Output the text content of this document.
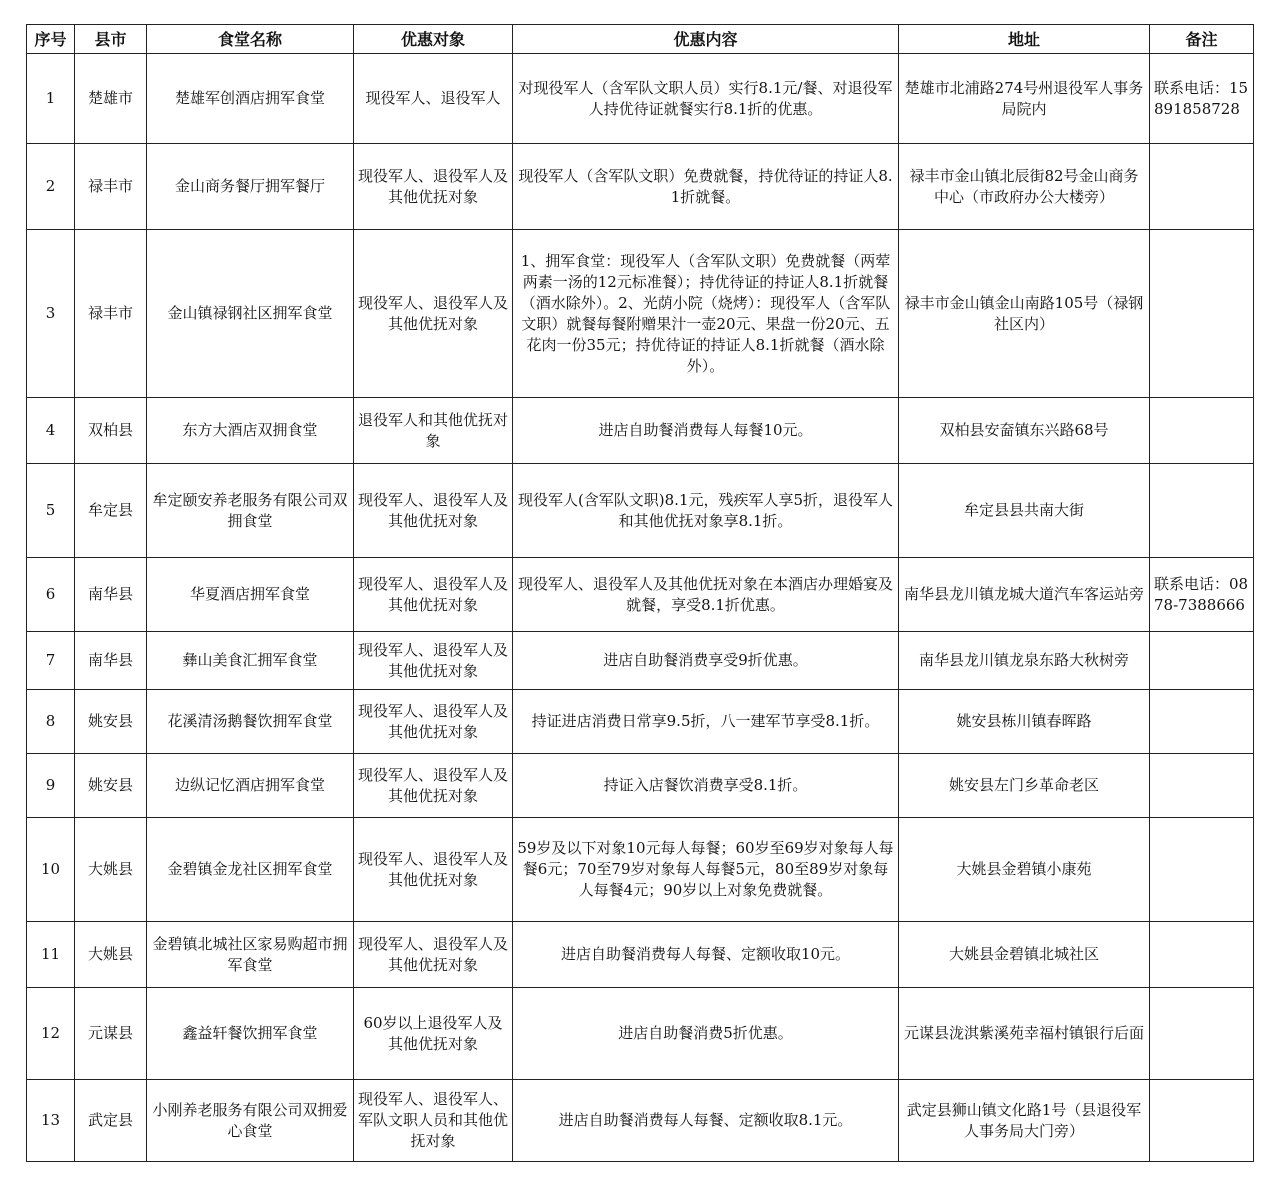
序号	县市	食堂名称	优惠对象	优惠内容	地址	备注
1	楚雄市	楚雄军创酒店拥军食堂	现役军人、退役军人	对现役军人（含军队文职人员）实行8.1元/餐、对退役军人持优待证就餐实行8.1折的优惠。	楚雄市北浦路274号州退役军人事务局院内	联系电话：15891858728
2	禄丰市	金山商务餐厅拥军餐厅	现役军人、退役军人及其他优抚对象	现役军人（含军队文职）免费就餐，持优待证的持证人8.1折就餐。	禄丰市金山镇北辰街82号金山商务中心（市政府办公大楼旁）	
3	禄丰市	金山镇禄钢社区拥军食堂	现役军人、退役军人及其他优抚对象	1、拥军食堂：现役军人（含军队文职）免费就餐（两荤两素一汤的12元标准餐）；持优待证的持证人8.1折就餐（酒水除外）。2、光荫小院（烧烤）：现役军人（含军队文职）就餐每餐附赠果汁一壶20元、果盘一份20元、五花肉一份35元；持优待证的持证人8.1折就餐（酒水除外）。	禄丰市金山镇金山南路105号（禄钢社区内）	
4	双柏县	东方大酒店双拥食堂	退役军人和其他优抚对象	进店自助餐消费每人每餐10元。	双柏县安奤镇东兴路68号	
5	牟定县	牟定颐安养老服务有限公司双拥食堂	现役军人、退役军人及其他优抚对象	现役军人(含军队文职)8.1元，残疾军人享5折，退役军人和其他优抚对象享8.1折。	牟定县县共南大街	
6	南华县	华夏酒店拥军食堂	现役军人、退役军人及其他优抚对象	现役军人、退役军人及其他优抚对象在本酒店办理婚宴及就餐，享受8.1折优惠。	南华县龙川镇龙城大道汽车客运站旁	联系电话：0878-7388666
7	南华县	彝山美食汇拥军食堂	现役军人、退役军人及其他优抚对象	进店自助餐消费享受9折优惠。	南华县龙川镇龙泉东路大秋树旁	
8	姚安县	花溪清汤鹅餐饮拥军食堂	现役军人、退役军人及其他优抚对象	持证进店消费日常享9.5折，八一建军节享受8.1折。	姚安县栋川镇春晖路	
9	姚安县	边纵记忆酒店拥军食堂	现役军人、退役军人及其他优抚对象	持证入店餐饮消费享受8.1折。	姚安县左门乡革命老区	
10	大姚县	金碧镇金龙社区拥军食堂	现役军人、退役军人及其他优抚对象	59岁及以下对象10元每人每餐；60岁至69岁对象每人每餐6元；70至79岁对象每人每餐5元，80至89岁对象每人每餐4元；90岁以上对象免费就餐。	大姚县金碧镇小康苑	
11	大姚县	金碧镇北城社区家易购超市拥军食堂	现役军人、退役军人及其他优抚对象	进店自助餐消费每人每餐、定额收取10元。	大姚县金碧镇北城社区	
12	元谋县	鑫益轩餐饮拥军食堂	60岁以上退役军人及其他优抚对象	进店自助餐消费5折优惠。	元谋县泷淇紫溪苑幸福村镇银行后面	
13	武定县	小刚养老服务有限公司双拥爱心食堂	现役军人、退役军人、军队文职人员和其他优抚对象	进店自助餐消费每人每餐、定额收取8.1元。	武定县狮山镇文化路1号（县退役军人事务局大门旁）	
